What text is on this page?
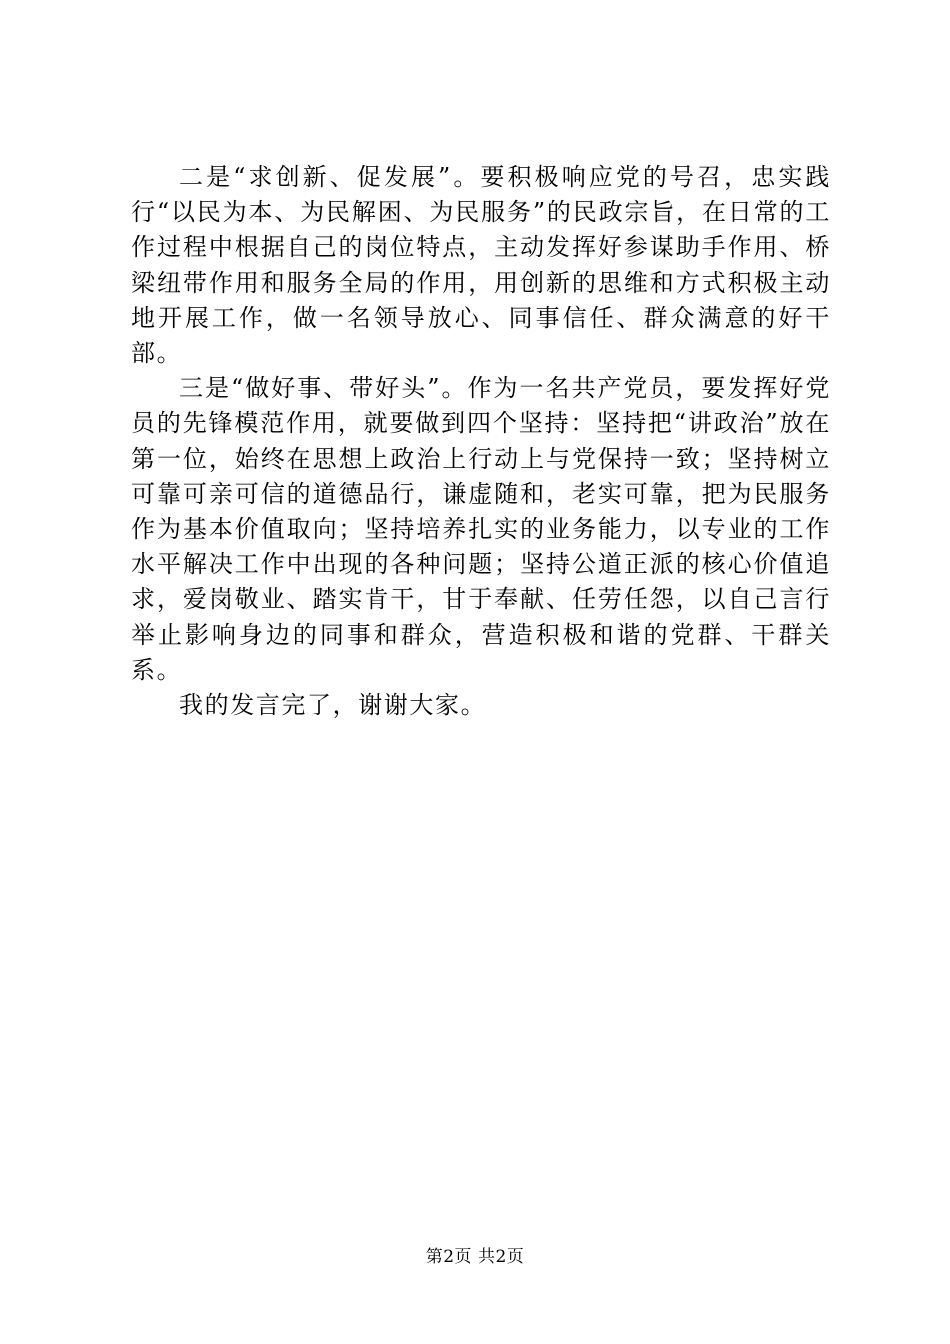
二是“求创新、促发展”。要积极响应党的号召，忠实践行“以民为本、为民解困、为民服务”的民政宗旨，在日常的工作过程中根据自己的岗位特点，主动发挥好参谋助手作用、桥梁纽带作用和服务全局的作用，用创新的思维和方式积极主动地开展工作，做一名领导放心、同事信任、群众满意的好干部。

三是“做好事、带好头”。作为一名共产党员，要发挥好党员的先锋模范作用，就要做到四个坚持：坚持把“讲政治”放在第一位，始终在思想上政治上行动上与党保持一致；坚持树立可靠可亲可信的道德品行，谦虚随和，老实可靠，把为民服务作为基本价值取向；坚持培养扎实的业务能力，以专业的工作水平解决工作中出现的各种问题；坚持公道正派的核心价值追求，爱岗敬业、踏实肯干，甘于奉献、任劳任怨，以自己言行举止影响身边的同事和群众，营造积极和谐的党群、干群关系。

我的发言完了，谢谢大家。

第2页 共2页
